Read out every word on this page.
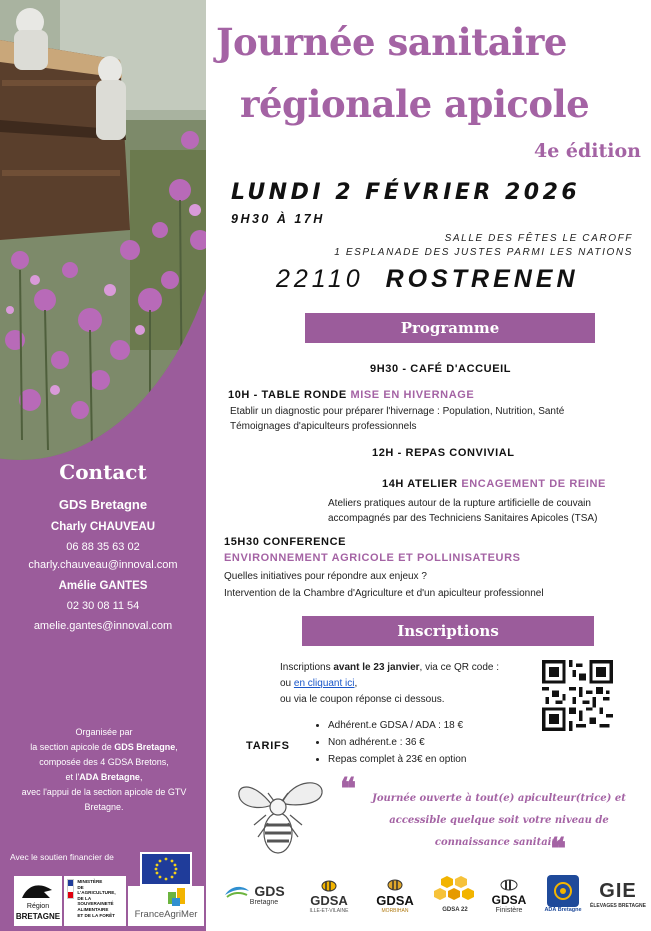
Contact
GDS Bretagne
Charly CHAUVEAU
06 88 35 63 02
charly.chauveau@innoval.com
Amélie GANTES
02 30 08 11 54
amelie.gantes@innoval.com
Organisée par
la section apicole de GDS Bretagne,
composée des 4 GDSA Bretons,
et l'ADA Bretagne,
avec l'appui de la section apicole de GTV
Bretagne.
Avec le soutien financier de
Région
BRETAGNE
MINISTÈRE
DE L'AGRICULTURE,
DE LA SOUVERAINETÉ
ALIMENTAIRE
ET DE LA FORÊT	FranceAgriMer
Journée sanitaire
régionale apicole
4e édition
LUNDI 2 FÉVRIER 2026
9H30 À 17H
SALLE DES FÊTES LE CAROFF
1 ESPLANADE DES JUSTES PARMI LES NATIONS
22110 ROSTRENEN
Programme
9H30 - CAFÉ D'ACCUEIL
10H - TABLE RONDE MISE EN HIVERNAGE
Etablir un diagnostic pour préparer l'hivernage : Population, Nutrition, Santé
Témoignages d'apiculteurs professionnels
12H - REPAS CONVIVIAL
14H ATELIER ENCAGEMENT DE REINE
Ateliers pratiques autour de la rupture artificielle de couvain
accompagnés par des Techniciens Sanitaires Apicoles (TSA)
15H30 CONFERENCE
ENVIRONNEMENT AGRICOLE ET POLLINISATEURS
Quelles initiatives pour répondre aux enjeux ?
Intervention de la Chambre d'Agriculture et d'un apiculteur professionnel
Inscriptions
Inscriptions avant le 23 janvier, via ce QR code :
ou en cliquant ici,
ou via le coupon réponse ci dessous.
TARIFS
• Adhérent.e GDSA / ADA : 18 €
• Non adhérent.e : 36 €
• Repas complet à 23€ en option
❝	Journée ouverte à tout(e) apiculteur(trice) et accessible quelque soit votre niveau de connaissance sanitaire
❝
GDS
Bretagne GDSA
ILLE-ET-VILAINE
GDSA
MORBIHAN	GDSA 22
GDSA
Finistère	ADA Bretagne
GIE
ÉLEVAGES BRETAGNE
